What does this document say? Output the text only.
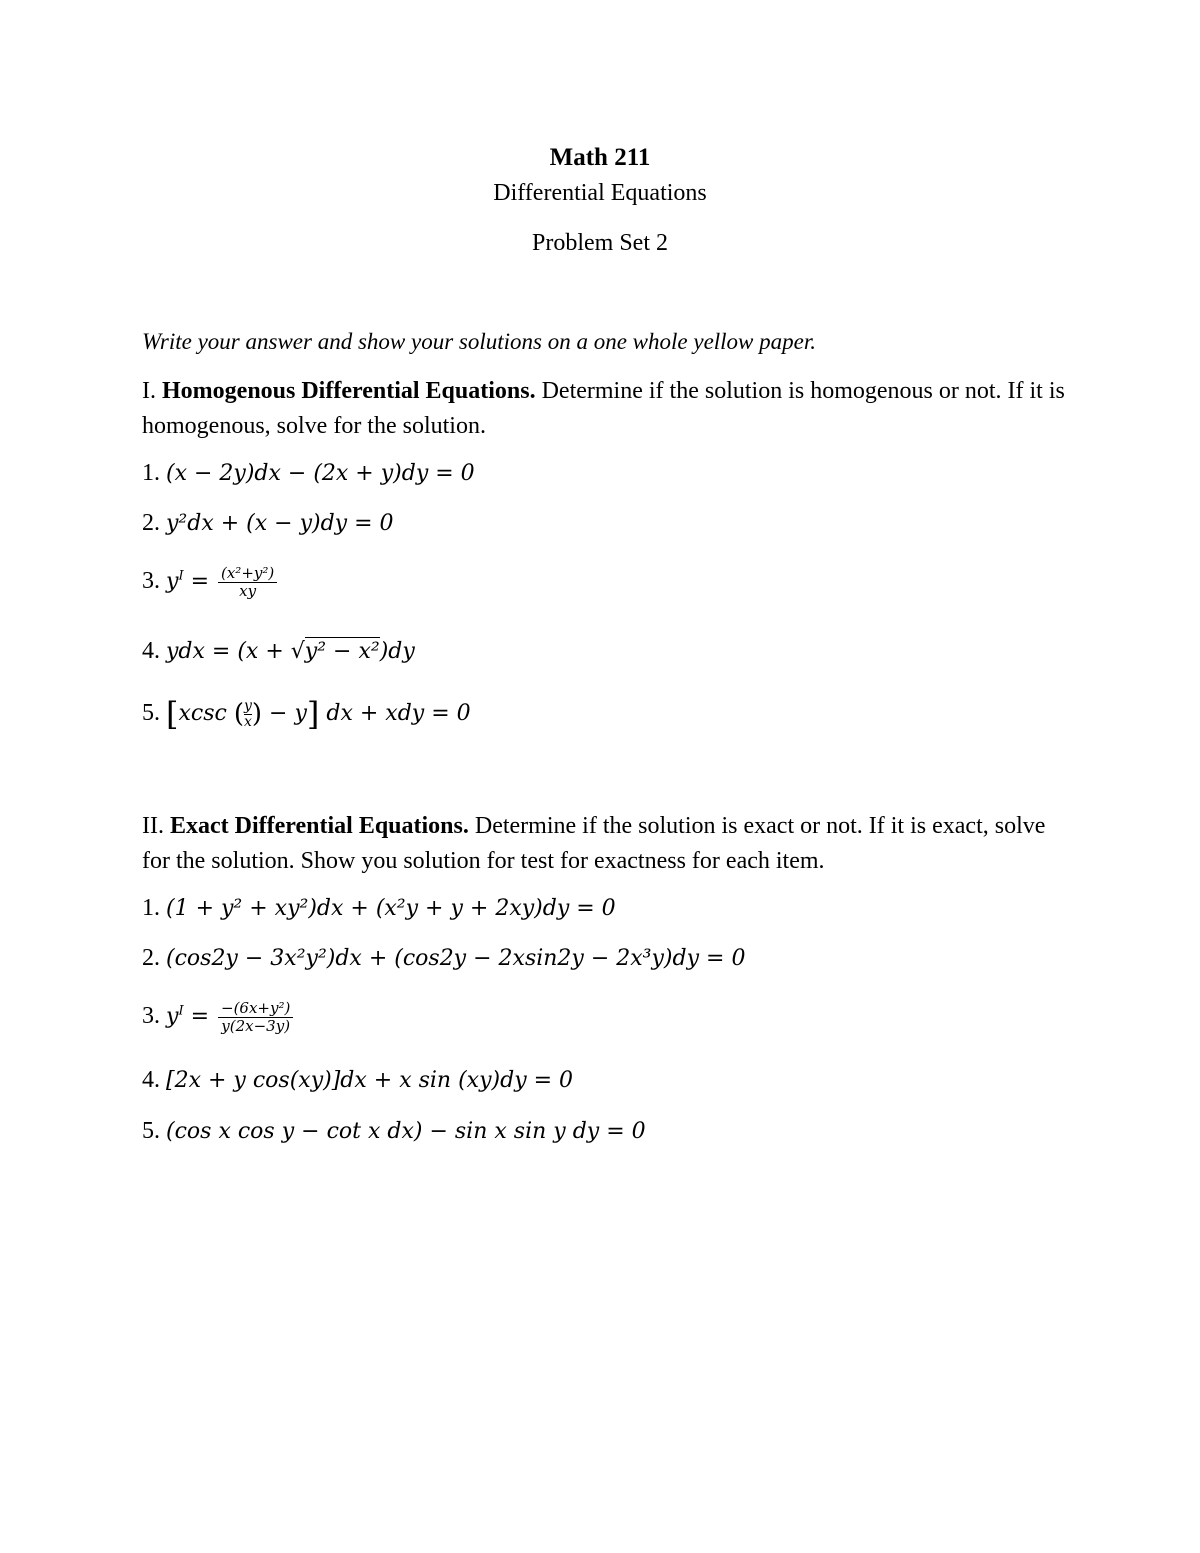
Math 211
Differential Equations
Problem Set 2
Write your answer and show your solutions on a one whole yellow paper.
I. Homogenous Differential Equations. Determine if the solution is homogenous or not. If it is homogenous, solve for the solution.
1. (x − 2y)dx − (2x + y)dy = 0
2. y²dx + (x − y)dy = 0
3. $y^I = \frac{\text{(x²+y²)}}{xy}$
4. ydx = (x + √y² − x²)dy
5. [xcsc ( $\frac{y}{x}) - y$] dx + xdy = 0
II. Exact Differential Equations. Determine if the solution is exact or not. If it is exact, solve for the solution. Show you solution for test for exactness for each item.
1. (1 + y² + xy²)dx + (x²y + y + 2xy)dy = 0
2. (cos2y − 3x²y²)dx + (cos2y − 2xsin2y − 2x³y)dy = 0
3. $y^I = \frac{\text{−(6x+y²)}}{y(2x-3y)}$
4. [2x + y cos(xy)]dx + x sin (xy)dy = 0
5. (cos x cos y − cot x dx) − sin x sin y dy = 0
